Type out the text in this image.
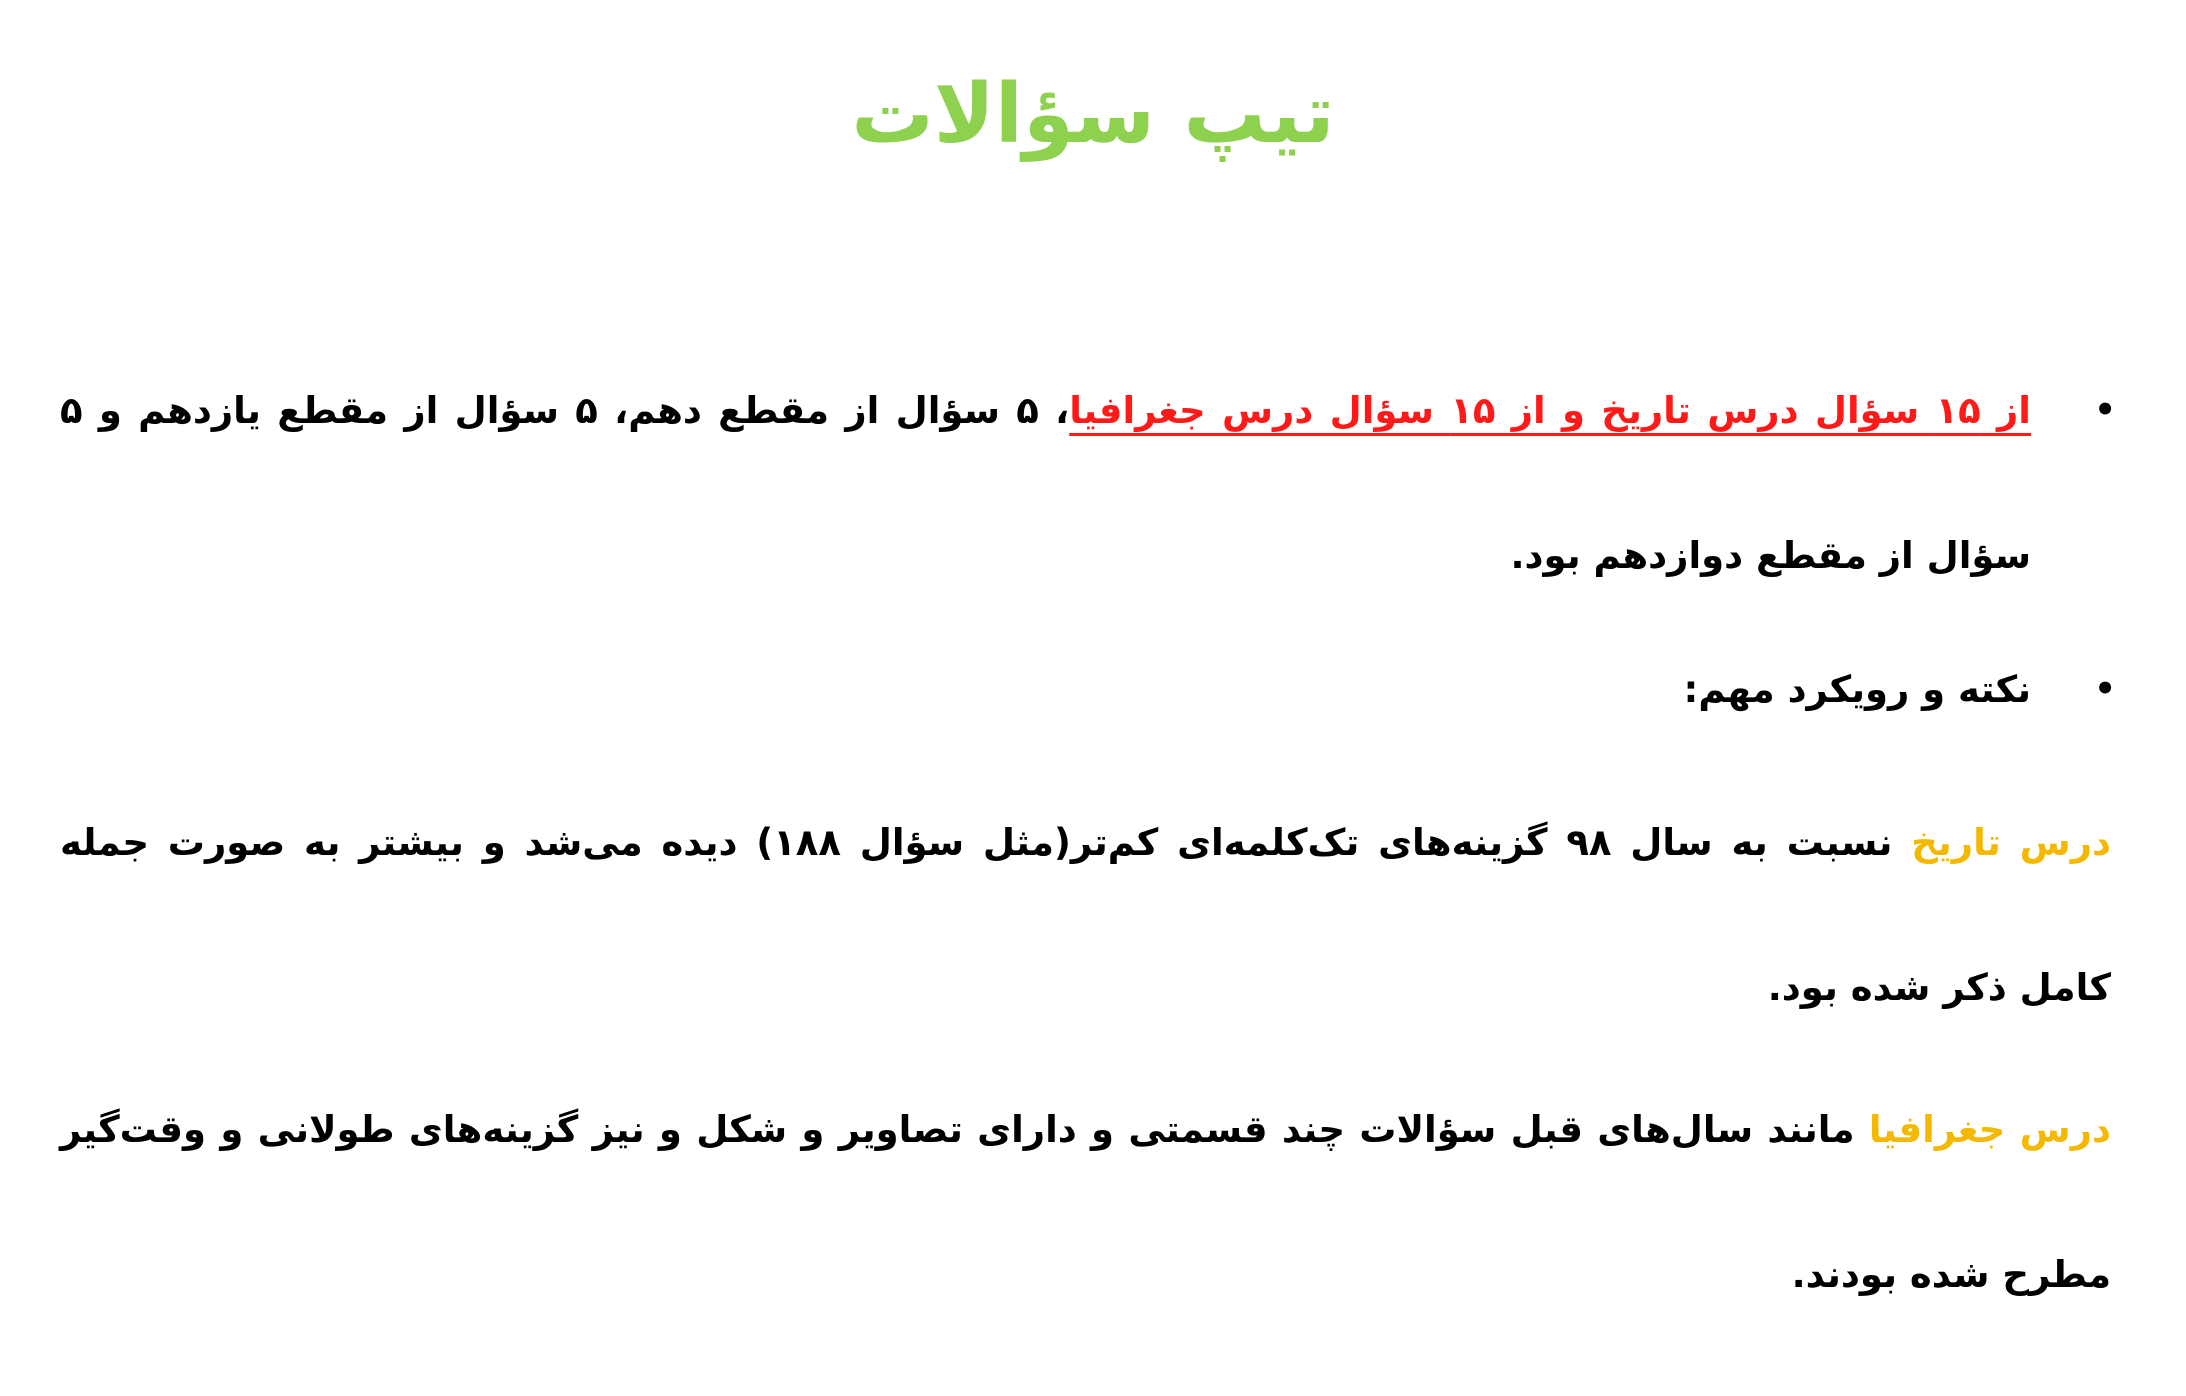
تیپ سؤالات
•
از ۱۵ سؤال درس تاریخ و از ۱۵ سؤال درس جغرافیا، ۵ سؤال از مقطع دهم، ۵ سؤال از مقطع یازدهم و ۵ سؤال از مقطع دوازدهم بود.
•
نکته و رویکرد مهم:
درس تاریخ نسبت به سال ۹۸ گزینه‌های تک‌کلمه‌ای کم‌تر(مثل سؤال ۱۸۸) دیده می‌شد و بیشتر به صورت جمله کامل ذکر شده بود.
درس جغرافیا مانند سال‌های قبل سؤالات چند قسمتی و دارای تصاویر و شکل و نیز گزینه‌های طولانی و وقت‌گیر مطرح شده بودند.
